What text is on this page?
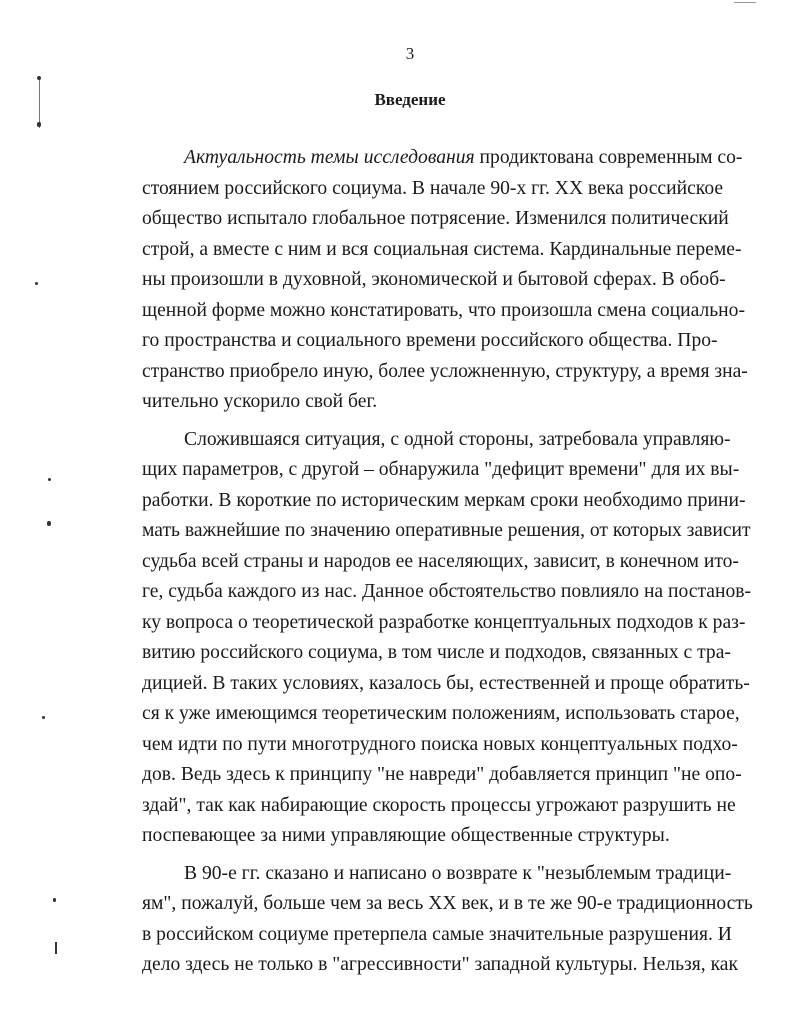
3
Введение
Актуальность темы исследования продиктована современным со-
стоянием российского социума. В начале 90-х гг. XX века российское
общество испытало глобальное потрясение. Изменился политический
строй, а вместе с ним и вся социальная система. Кардинальные переме-
ны произошли в духовной, экономической и бытовой сферах. В обоб-
щенной форме можно констатировать, что произошла смена социально-
го пространства и социального времени российского общества. Про-
странство приобрело иную, более усложненную, структуру, а время зна-
чительно ускорило свой бег.
Сложившаяся ситуация, с одной стороны, затребовала управляю-
щих параметров, с другой – обнаружила "дефицит времени" для их вы-
работки. В короткие по историческим меркам сроки необходимо прини-
мать важнейшие по значению оперативные решения, от которых зависит
судьба всей страны и народов ее населяющих, зависит, в конечном ито-
ге, судьба каждого из нас. Данное обстоятельство повлияло на постанов-
ку вопроса о теоретической разработке концептуальных подходов к раз-
витию российского социума, в том числе и подходов, связанных с тра-
дицией. В таких условиях, казалось бы, естественней и проще обратить-
ся к уже имеющимся теоретическим положениям, использовать старое,
чем идти по пути многотрудного поиска новых концептуальных подхо-
дов. Ведь здесь к принципу "не навреди" добавляется принцип "не опо-
здай", так как набирающие скорость процессы угрожают разрушить не
поспевающее за ними управляющие общественные структуры.
В 90-е гг. сказано и написано о возврате к "незыблемым традици-
ям", пожалуй, больше чем за весь XX век, и в те же 90-е традиционность
в российском социуме претерпела самые значительные разрушения. И
дело здесь не только в "агрессивности" западной культуры. Нельзя, как
